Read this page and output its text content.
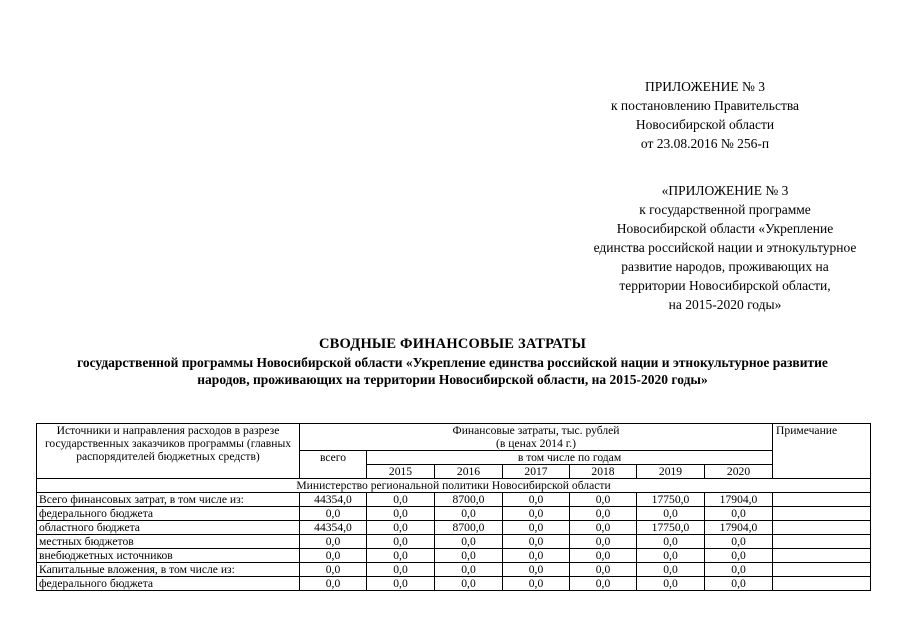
ПРИЛОЖЕНИЕ № 3
к постановлению Правительства
Новосибирской области
от 23.08.2016 № 256-п
«ПРИЛОЖЕНИЕ № 3
к государственной программе
Новосибирской области «Укрепление
единства российской нации и этнокультурное
развитие народов, проживающих на
территории Новосибирской области,
на 2015-2020 годы»
СВОДНЫЕ ФИНАНСОВЫЕ ЗАТРАТЫ
государственной программы Новосибирской области «Укрепление единства российской нации и этнокультурное развитие
народов, проживающих на территории Новосибирской области, на 2015-2020 годы»
Источники и направления расходов в разрезе государственных заказчиков программы (главных распорядителей бюджетных средств)	Финансовые затраты, тыс. рублей
(в ценах 2014 г.)							Примечание
	всего	в том числе по годам						
		2015	2016	2017	2018	2019	2020	
Министерство региональной политики Новосибирской области								
Всего финансовых затрат, в том числе из:	44354,0	0,0	8700,0	0,0	0,0	17750,0	17904,0	
федерального бюджета	0,0	0,0	0,0	0,0	0,0	0,0	0,0	
областного бюджета	44354,0	0,0	8700,0	0,0	0,0	17750,0	17904,0	
местных бюджетов	0,0	0,0	0,0	0,0	0,0	0,0	0,0	
внебюджетных источников	0,0	0,0	0,0	0,0	0,0	0,0	0,0	
Капитальные вложения, в том числе из:	0,0	0,0	0,0	0,0	0,0	0,0	0,0	
федерального бюджета	0,0	0,0	0,0	0,0	0,0	0,0	0,0	
